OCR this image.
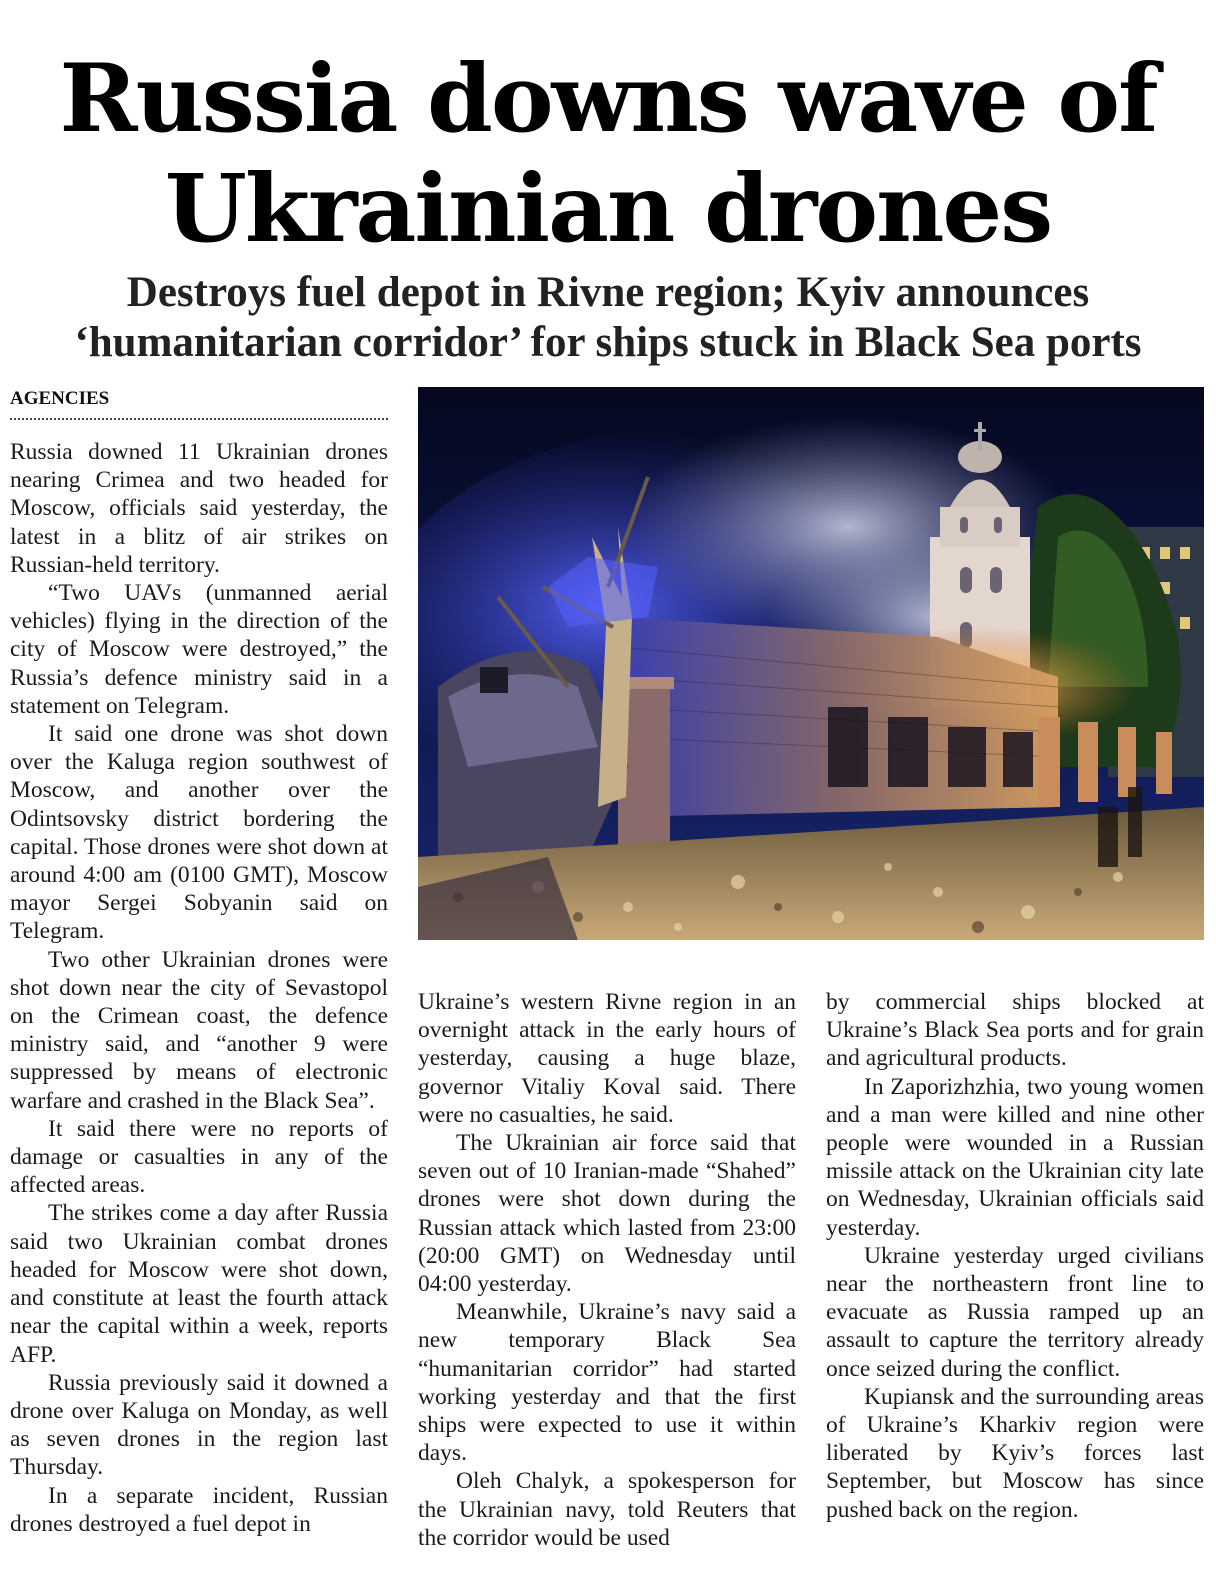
Russia downs wave of
Ukrainian drones
Destroys fuel depot in Rivne region; Kyiv announces
‘humanitarian corridor’ for ships stuck in Black Sea ports
AGENCIES

Russia downed 11 Ukrainian drones nearing Crimea and two headed for Moscow, officials said yesterday, the latest in a blitz of air strikes on Russian-held territory.

“Two UAVs (unmanned aerial vehicles) flying in the direction of the city of Moscow were destroyed,” the Russia’s defence ministry said in a statement on Telegram.

It said one drone was shot down over the Kaluga region southwest of Moscow, and another over the Odintsovsky district bordering the capital. Those drones were shot down at around 4:00 am (0100 GMT), Moscow mayor Sergei Sobyanin said on Telegram.

Two other Ukrainian drones were shot down near the city of Sevastopol on the Crimean coast, the defence ministry said, and “another 9 were suppressed by means of electronic warfare and crashed in the Black Sea”.

It said there were no reports of damage or casualties in any of the affected areas.

The strikes come a day after Russia said two Ukrainian combat drones headed for Moscow were shot down, and constitute at least the fourth attack near the capital within a week, reports AFP.

Russia previously said it downed a drone over Kaluga on Monday, as well as seven drones in the region last Thursday.

In a separate incident, Russian drones destroyed a fuel depot in

Ukraine’s western Rivne region in an overnight attack in the early hours of yesterday, causing a huge blaze, governor Vitaliy Koval said. There were no casualties, he said.

The Ukrainian air force said that seven out of 10 Iranian-made “Shahed” drones were shot down during the Russian attack which lasted from 23:00 (20:00 GMT) on Wednesday until 04:00 yesterday.

Meanwhile, Ukraine’s navy said a new temporary Black Sea “humanitarian corridor” had started working yesterday and that the first ships were expected to use it within days.

Oleh Chalyk, a spokesperson for the Ukrainian navy, told Reuters that the corridor would be used

by commercial ships blocked at Ukraine’s Black Sea ports and for grain and agricultural products.

In Zaporizhzhia, two young women and a man were killed and nine other people were wounded in a Russian missile attack on the Ukrainian city late on Wednesday, Ukrainian officials said yesterday.

Ukraine yesterday urged civilians near the northeastern front line to evacuate as Russia ramped up an assault to capture the territory already once seized during the conflict.

Kupiansk and the surrounding areas of Ukraine’s Kharkiv region were liberated by Kyiv’s forces last September, but Moscow has since pushed back on the region.
